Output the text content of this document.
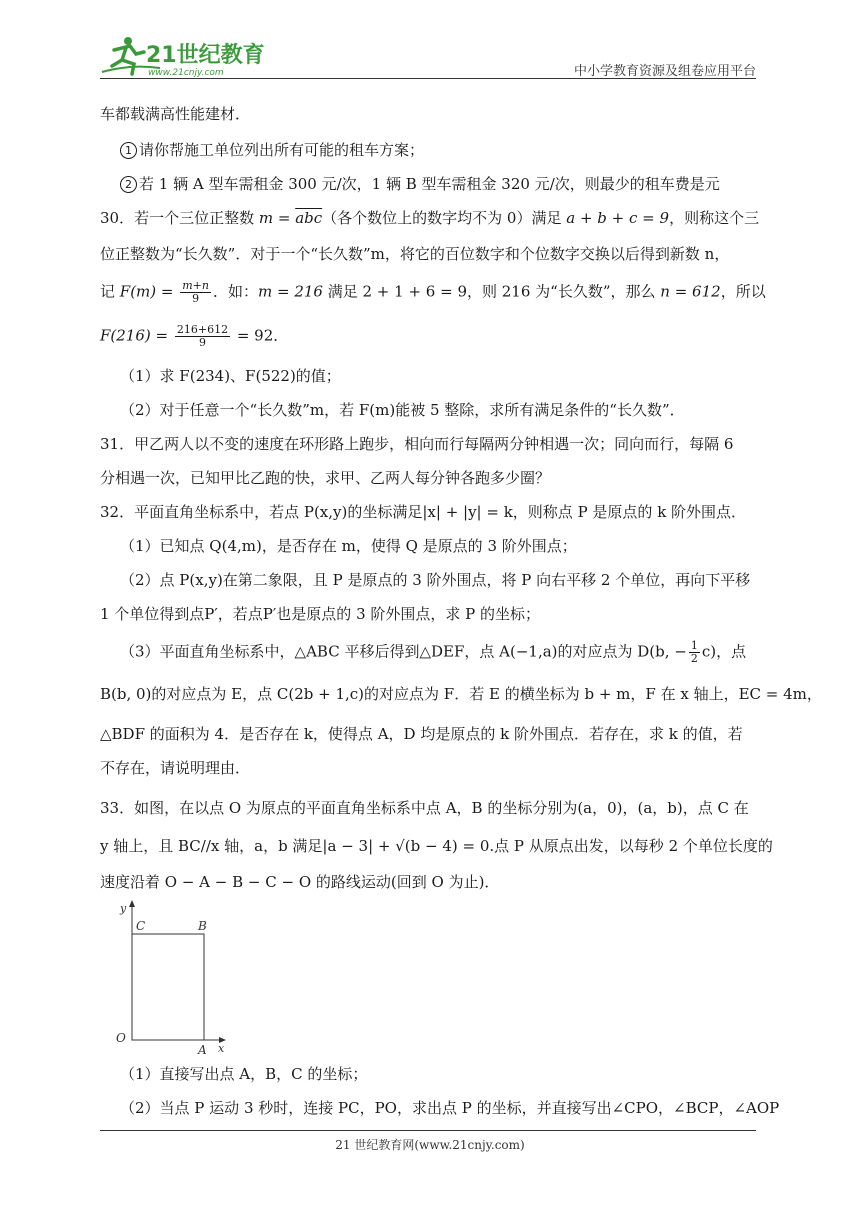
21世纪教育
www.21cnjy.com	中小学教育资源及组卷应用平台
车都载满高性能建材．
1 请你帮施工单位列出所有可能的租车方案；
2 若 1 辆 A 型车需租金 300 元/次，1 辆 B 型车需租金 320 元/次，则最少的租车费是元
30．若一个三位正整数 $m = \overline{abc}$（各个数位上的数字均不为 0）满足 a + b + c = 9，则称这个三
位正整数为“长久数”．对于一个“长久数”m，将它的百位数字和个位数字交换以后得到新数 n，
记 $F(m) = \frac{m+n}{9}$ ．如：m = 216 满足 2 + 1 + 6 = 9，则 216 为“长久数”，那么 n = 612，所以
$F(216) = \frac{216+612}{9} = 92$．
（1）求 F(234)、F(522)的值；
（2）对于任意一个“长久数”m，若 F(m)能被 5 整除，求所有满足条件的“长久数”．
31．甲乙两人以不变的速度在环形路上跑步，相向而行每隔两分钟相遇一次；同向而行，每隔 6
分相遇一次，已知甲比乙跑的快，求甲、乙两人每分钟各跑多少圈？
32．平面直角坐标系中，若点 P(x,y)的坐标满足|x| + |y| = k，则称点 P 是原点的 k 阶外围点．
（1）已知点 Q(4,m)，是否存在 m，使得 Q 是原点的 3 阶外围点；
（2）点 P(x,y)在第二象限，且 P 是原点的 3 阶外围点，将 P 向右平移 2 个单位，再向下平移
1 个单位得到点P′，若点P′也是原点的 3 阶外围点，求 P 的坐标；
（3）平面直角坐标系中，△ABC 平移后得到△DEF，点 A(−1,a)的对应点为 D(b, − $\frac{1}{2} c$)，点
B(b, 0)的对应点为 E，点 C(2b + 1,c)的对应点为 F．若 E 的横坐标为 b + m，F 在 x 轴上，EC = 4m，
△BDF 的面积为 4．是否存在 k，使得点 A，D 均是原点的 k 阶外围点．若存在，求 k 的值，若
不存在，请说明理由．
33．如图，在以点 O 为原点的平面直角坐标系中点 A，B 的坐标分别为(a，0)，(a，b)，点 C 在
y 轴上，且 BC//x 轴，a，b 满足|a − 3| + √(b − 4) = 0.点 P 从原点出发，以每秒 2 个单位长度的
速度沿着 O − A − B − C − O 的路线运动(回到 O 为止)．
y
x
C	B
O
A
（1）直接写出点 A，B，C 的坐标；
（2）当点 P 运动 3 秒时，连接 PC，PO，求出点 P 的坐标，并直接写出∠CPO，∠BCP，∠AOP
21 世纪教育网(www.21cnjy.com)
